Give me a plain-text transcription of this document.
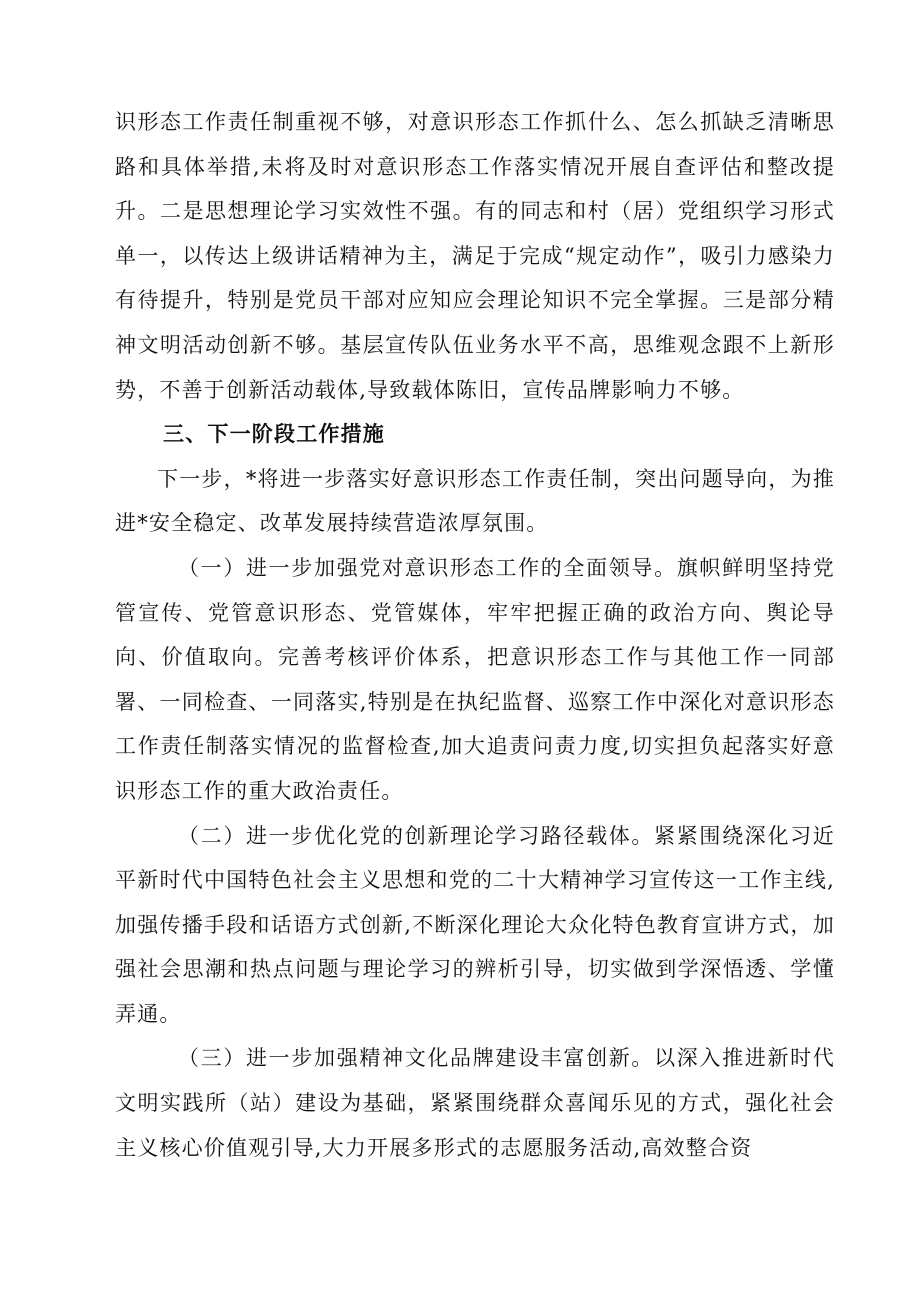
识形态工作责任制重视不够，对意识形态工作抓什么、怎么抓缺乏清晰思路和具体举措,未将及时对意识形态工作落实情况开展自查评估和整改提升。二是思想理论学习实效性不强。有的同志和村（居）党组织学习形式单一，以传达上级讲话精神为主，满足于完成“规定动作”，吸引力感染力有待提升，特别是党员干部对应知应会理论知识不完全掌握。三是部分精神文明活动创新不够。基层宣传队伍业务水平不高，思维观念跟不上新形势，不善于创新活动载体,导致载体陈旧，宣传品牌影响力不够。

三、下一阶段工作措施

下一步，*将进一步落实好意识形态工作责任制，突出问题导向，为推进*安全稳定、改革发展持续营造浓厚氛围。

（一）进一步加强党对意识形态工作的全面领导。旗帜鲜明坚持党管宣传、党管意识形态、党管媒体，牢牢把握正确的政治方向、舆论导向、价值取向。完善考核评价体系，把意识形态工作与其他工作一同部署、一同检查、一同落实,特别是在执纪监督、巡察工作中深化对意识形态工作责任制落实情况的监督检查,加大追责问责力度,切实担负起落实好意识形态工作的重大政治责任。

（二）进一步优化党的创新理论学习路径载体。紧紧围绕深化习近平新时代中国特色社会主义思想和党的二十大精神学习宣传这一工作主线,加强传播手段和话语方式创新,不断深化理论大众化特色教育宣讲方式，加强社会思潮和热点问题与理论学习的辨析引导，切实做到学深悟透、学懂弄通。

（三）进一步加强精神文化品牌建设丰富创新。以深入推进新时代文明实践所（站）建设为基础，紧紧围绕群众喜闻乐见的方式，强化社会主义核心价值观引导,大力开展多形式的志愿服务活动,高效整合资
